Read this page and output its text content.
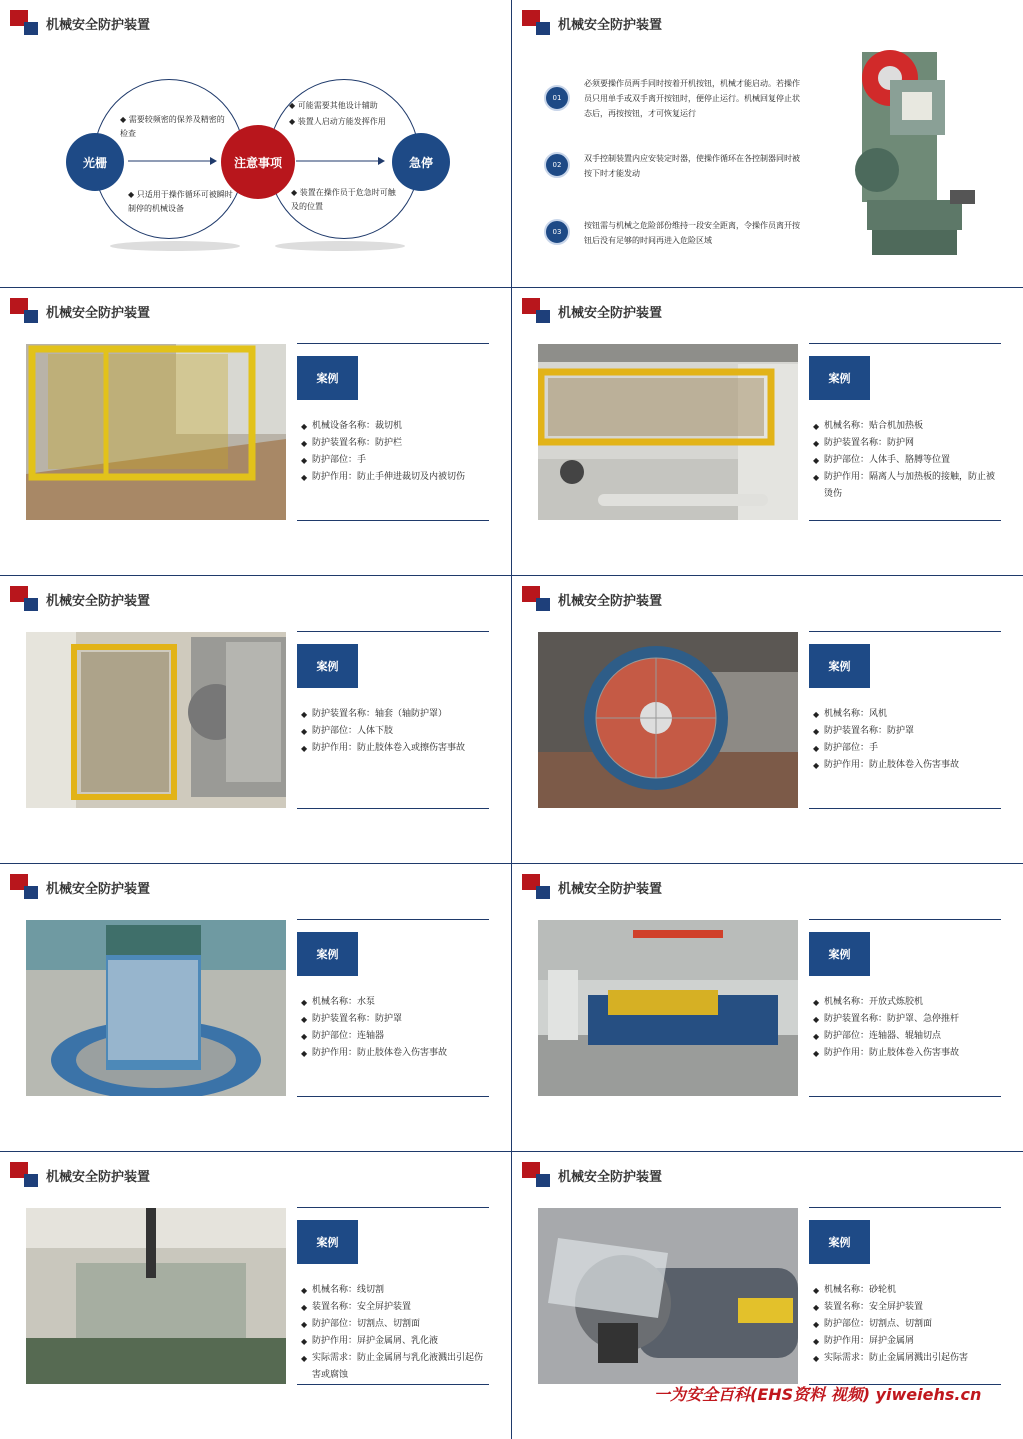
机械安全防护装置
光栅	注意事项	急停
◆ 需要较频密的保养及精密的检查
◆ 只适用于操作循环可被瞬时制停的机械设备
◆ 可能需要其他设计辅助
◆ 装置人启动方能发挥作用
◆ 装置在操作员于危急时可触及的位置
机械安全防护装置
01
必须要操作员两手同时按着开机按钮，机械才能启动。若操作员只用单手或双手离开按钮时，便停止运行。机械回复停止状态后，再按按钮，才可恢复运行
02
双手控制装置内应安装定时器，使操作循环在各控制器同时被按下时才能发动
03
按钮需与机械之危险部份维持一段安全距离，令操作员离开按钮后没有足够的时间再进入危险区域
机械安全防护装置
案例
◆ 机械设备名称：裁切机
◆ 防护装置名称：防护栏
◆ 防护部位：手
◆ 防护作用：防止手伸进裁切及内被切伤
机械安全防护装置
案例
◆ 机械名称：贴合机加热板
◆ 防护装置名称：防护网
◆ 防护部位：人体手、胳膊等位置
◆ 防护作用：隔离人与加热板的接触，防止被烫伤
机械安全防护装置
案例
◆ 防护装置名称：轴套（轴防护罩）
◆ 防护部位：人体下肢
◆ 防护作用：防止肢体卷入或擦伤害事故
机械安全防护装置
案例
◆ 机械名称：风机
◆ 防护装置名称：防护罩
◆ 防护部位：手
◆ 防护作用：防止肢体卷入伤害事故
机械安全防护装置
案例
◆ 机械名称：水泵
◆ 防护装置名称：防护罩
◆ 防护部位：连轴器
◆ 防护作用：防止肢体卷入伤害事故
机械安全防护装置
案例
◆ 机械名称：开放式炼胶机
◆ 防护装置名称：防护罩、急停推杆
◆ 防护部位：连轴器、辊轴切点
◆ 防护作用：防止肢体卷入伤害事故
机械安全防护装置
案例
◆ 机械名称：线切割
◆ 装置名称：安全屏护装置
◆ 防护部位：切割点、切割面
◆ 防护作用：屏护金属屑、乳化液
◆ 实际需求：防止金属屑与乳化液溅出引起伤害或腐蚀
机械安全防护装置
案例
◆ 机械名称：砂轮机
◆ 装置名称：安全屏护装置
◆ 防护部位：切割点、切割面
◆ 防护作用：屏护金属屑
◆ 实际需求：防止金属屑溅出引起伤害
一为安全百科(EHS资料 视频) yiweiehs.cn
